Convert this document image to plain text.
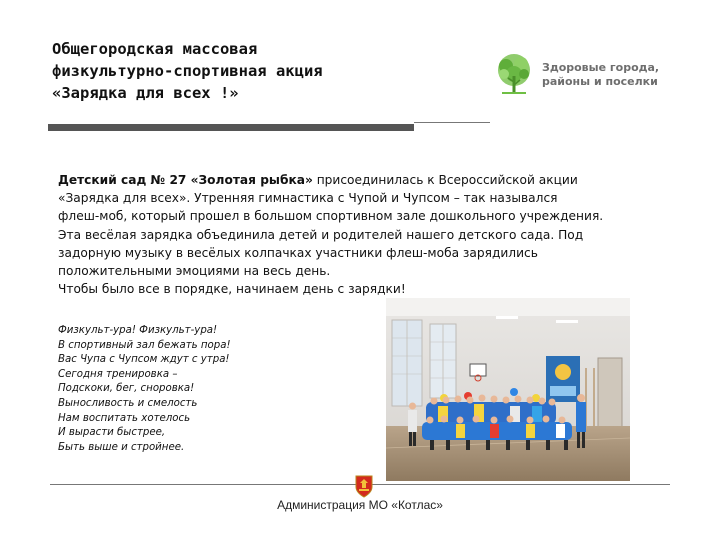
Общегородская массовая
физкультурно-спортивная акция
«Зарядка для всех !»
Здоровые города,
районы и поселки
Детский сад № 27 «Золотая рыбка» присоединилась к Всероссийской акции
«Зарядка для всех». Утренняя гимнастика с Чупой и Чупсом – так назывался
флеш-моб, который прошел в большом спортивном зале дошкольного учреждения.
Эта весёлая зарядка объединила детей и родителей нашего детского сада. Под
задорную музыку в весёлых колпачках участники флеш-моба зарядились
положительными эмоциями на весь день.
Чтобы было все в порядке, начинаем день с зарядки!
Физкульт-ура! Физкульт-ура!
В спортивный зал бежать пора!
Вас Чупа с Чупсом ждут с утра!
Сегодня тренировка –
Подскоки, бег, сноровка!
Выносливость и смелость
Нам воспитать хотелось
И вырасти быстрее,
Быть выше и стройнее.
Администрация МО «Котлас»
